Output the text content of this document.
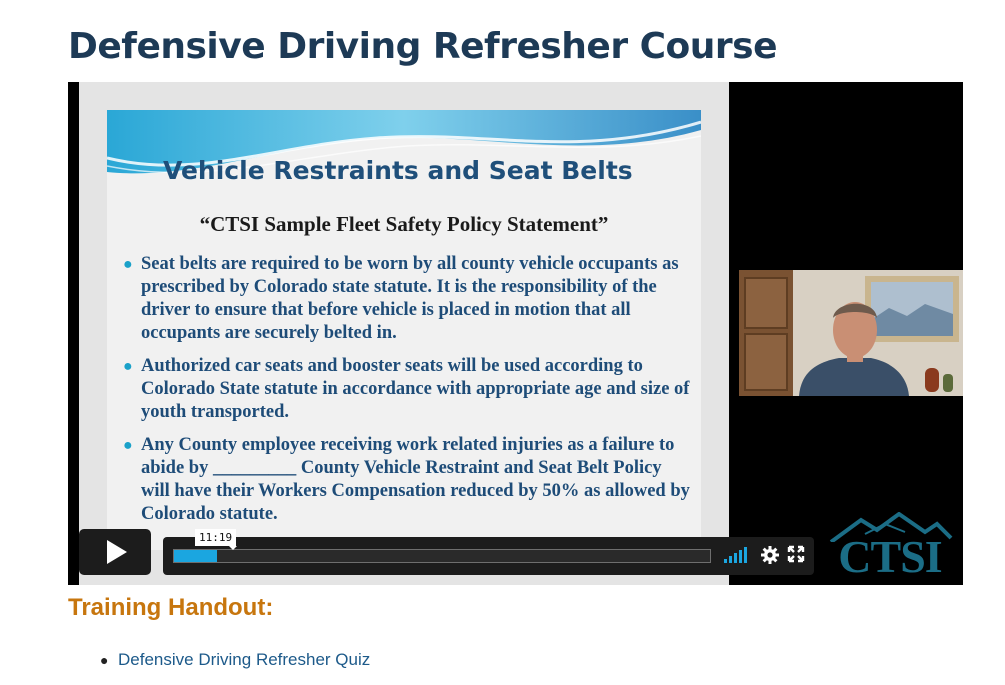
Defensive Driving Refresher Course
Vehicle Restraints and Seat Belts
“CTSI Sample Fleet Safety Policy Statement”
● Seat belts are required to be worn by all county vehicle occupants as prescribed by Colorado state statute. It is the responsibility of the driver to ensure that before vehicle is placed in motion that all occupants are securely belted in.
● Authorized car seats and booster seats will be used according to Colorado State statute in accordance with appropriate age and size of youth transported.
● Any County employee receiving work related injuries as a failure to abide by _________ County Vehicle Restraint and Seat Belt Policy will have their Workers Compensation reduced by 50% as allowed by Colorado statute.
CTSI
11:19
Training Handout:
● Defensive Driving Refresher Quiz
